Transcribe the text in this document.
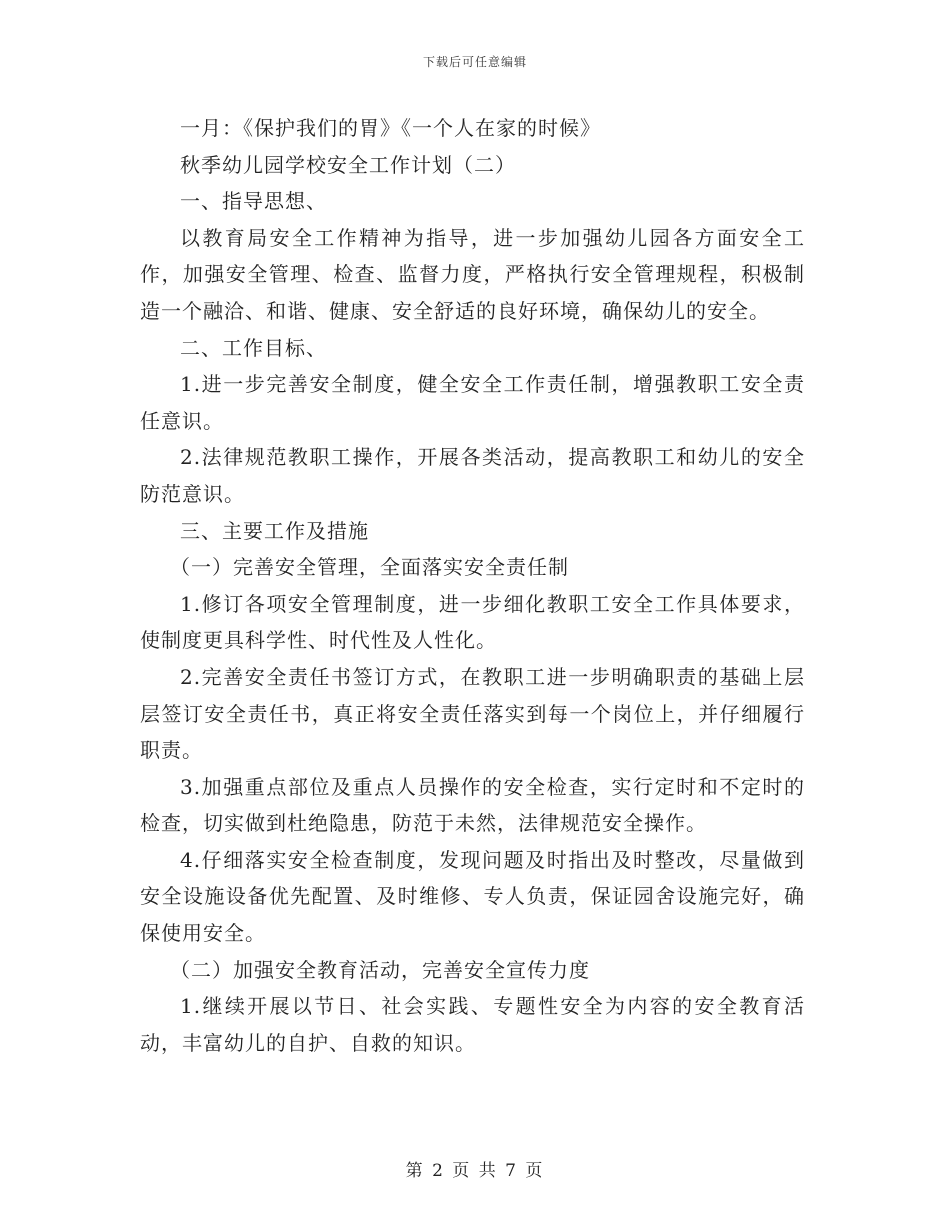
下载后可任意编辑

一月：《保护我们的胃》《一个人在家的时候》

秋季幼儿园学校安全工作计划（二）

一、指导思想、

以教育局安全工作精神为指导，进一步加强幼儿园各方面安全工作，加强安全管理、检查、监督力度，严格执行安全管理规程，积极制造一个融洽、和谐、健康、安全舒适的良好环境，确保幼儿的安全。

二、工作目标、

1.进一步完善安全制度，健全安全工作责任制，增强教职工安全责任意识。

2.法律规范教职工操作，开展各类活动，提高教职工和幼儿的安全防范意识。

三、主要工作及措施

（一）完善安全管理，全面落实安全责任制

1.修订各项安全管理制度，进一步细化教职工安全工作具体要求，使制度更具科学性、时代性及人性化。

2.完善安全责任书签订方式，在教职工进一步明确职责的基础上层层签订安全责任书，真正将安全责任落实到每一个岗位上，并仔细履行职责。

3.加强重点部位及重点人员操作的安全检查，实行定时和不定时的检查，切实做到杜绝隐患，防范于未然，法律规范安全操作。

4.仔细落实安全检查制度，发现问题及时指出及时整改，尽量做到安全设施设备优先配置、及时维修、专人负责，保证园舍设施完好，确保使用安全。

（二）加强安全教育活动，完善安全宣传力度

1.继续开展以节日、社会实践、专题性安全为内容的安全教育活动，丰富幼儿的自护、自救的知识。

第 2 页 共 7 页
